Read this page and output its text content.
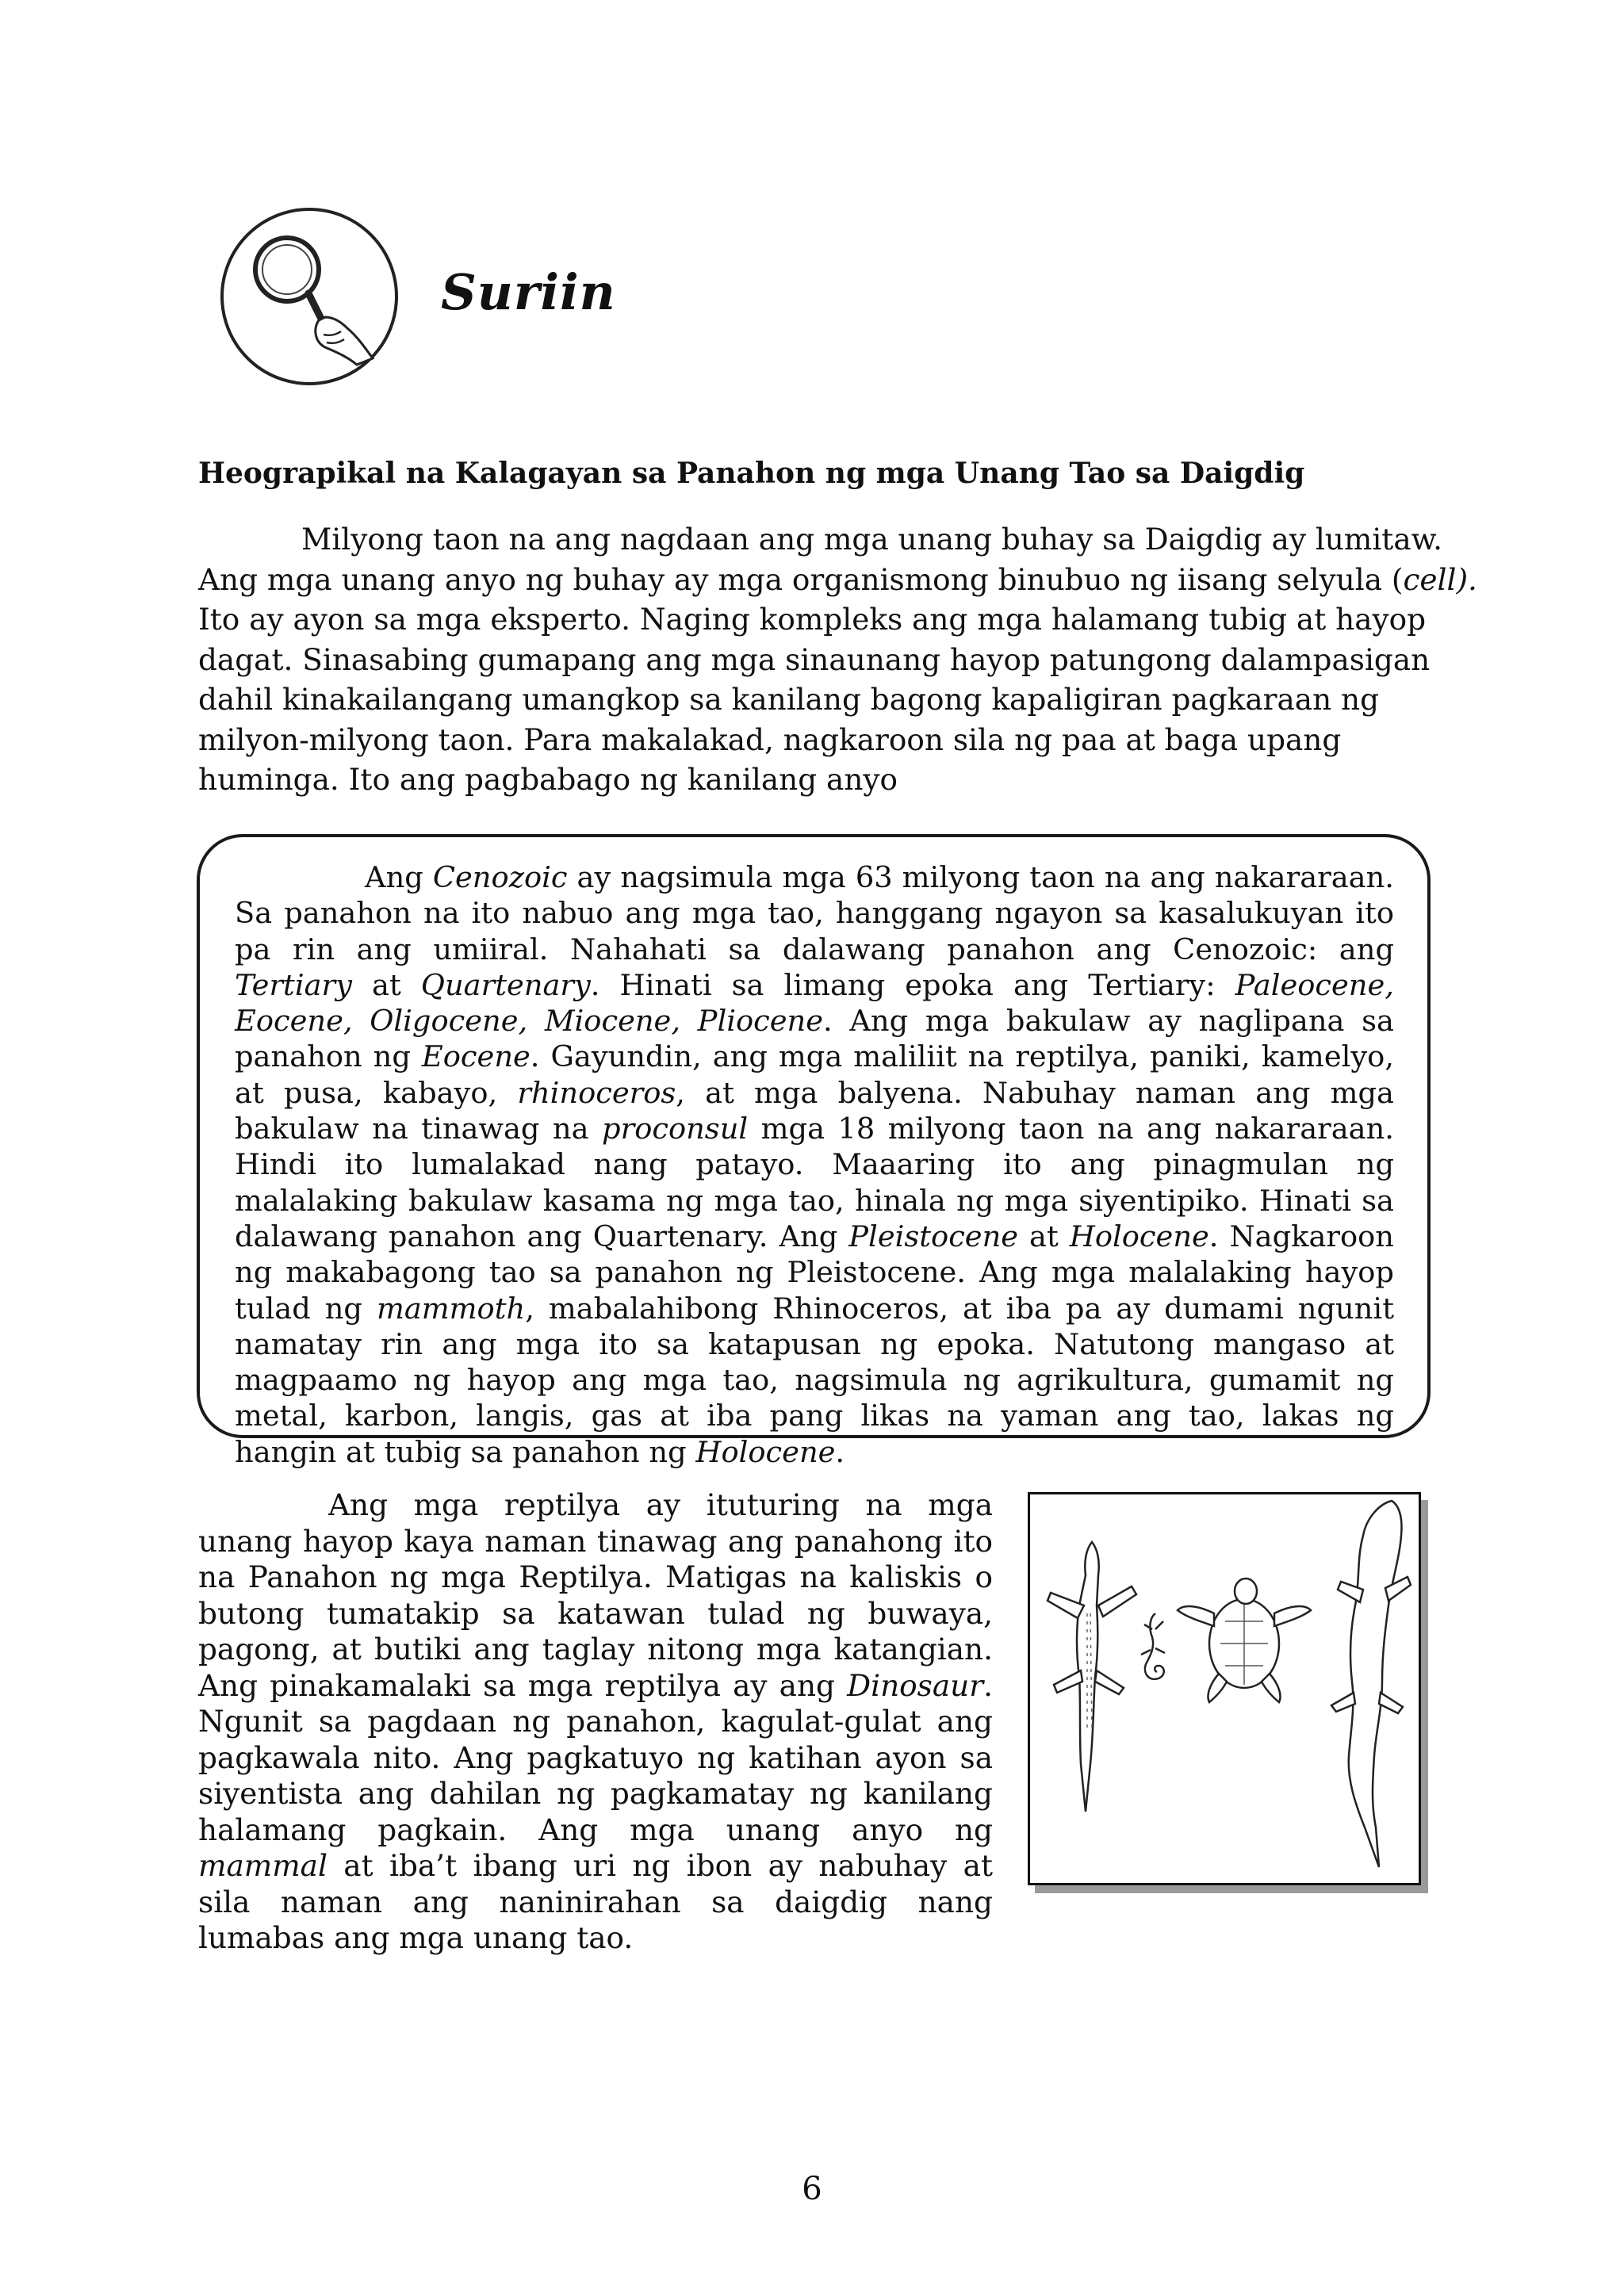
Suriin
Heograpikal na Kalagayan sa Panahon ng mga Unang Tao sa Daigdig

Milyong taon na ang nagdaan ang mga unang buhay sa Daigdig ay lumitaw.
Ang mga unang anyo ng buhay ay mga organismong binubuo ng iisang selyula (cell).
Ito ay ayon sa mga eksperto. Naging kompleks ang mga halamang tubig at hayop
dagat. Sinasabing gumapang ang mga sinaunang hayop patungong dalampasigan
dahil kinakailangang umangkop sa kanilang bagong kapaligiran pagkaraan ng
milyon-milyong taon. Para makalakad, nagkaroon sila ng paa at baga upang
huminga. Ito ang pagbabago ng kanilang anyo

Ang Cenozoic ay nagsimula mga 63 milyong taon na ang nakararaan. Sa panahon na ito nabuo ang mga tao, hanggang ngayon sa kasalukuyan ito pa rin ang umiiral. Nahahati sa dalawang panahon ang Cenozoic: ang Tertiary at Quartenary. Hinati sa limang epoka ang Tertiary: Paleocene, Eocene, Oligocene, Miocene, Pliocene. Ang mga bakulaw ay naglipana sa panahon ng Eocene. Gayundin, ang mga maliliit na reptilya, paniki, kamelyo, at pusa, kabayo, rhinoceros, at mga balyena. Nabuhay naman ang mga bakulaw na tinawag na proconsul mga 18 milyong taon na ang nakararaan. Hindi ito lumalakad nang patayo. Maaaring ito ang pinagmulan ng malalaking bakulaw kasama ng mga tao, hinala ng mga siyentipiko. Hinati sa dalawang panahon ang Quartenary. Ang Pleistocene at Holocene. Nagkaroon ng makabagong tao sa panahon ng Pleistocene. Ang mga malalaking hayop tulad ng mammoth, mabalahibong Rhinoceros, at iba pa ay dumami ngunit namatay rin ang mga ito sa katapusan ng epoka. Natutong mangaso at magpaamo ng hayop ang mga tao, nagsimula ng agrikultura, gumamit ng metal, karbon, langis, gas at iba pang likas na yaman ang tao, lakas ng hangin at tubig sa panahon ng Holocene.

Ang mga reptilya ay ituturing na mga unang hayop kaya naman tinawag ang panahong ito na Panahon ng mga Reptilya. Matigas na kaliskis o butong tumatakip sa katawan tulad ng buwaya, pagong, at butiki ang taglay nitong mga katangian. Ang pinakamalaki sa mga reptilya ay ang Dinosaur. Ngunit sa pagdaan ng panahon, kagulat-gulat ang pagkawala nito. Ang pagkatuyo ng katihan ayon sa siyentista ang dahilan ng pagkamatay ng kanilang halamang pagkain. Ang mga unang anyo ng mammal at iba’t ibang uri ng ibon ay nabuhay at sila naman ang naninirahan sa daigdig nang lumabas ang mga unang tao.

6
